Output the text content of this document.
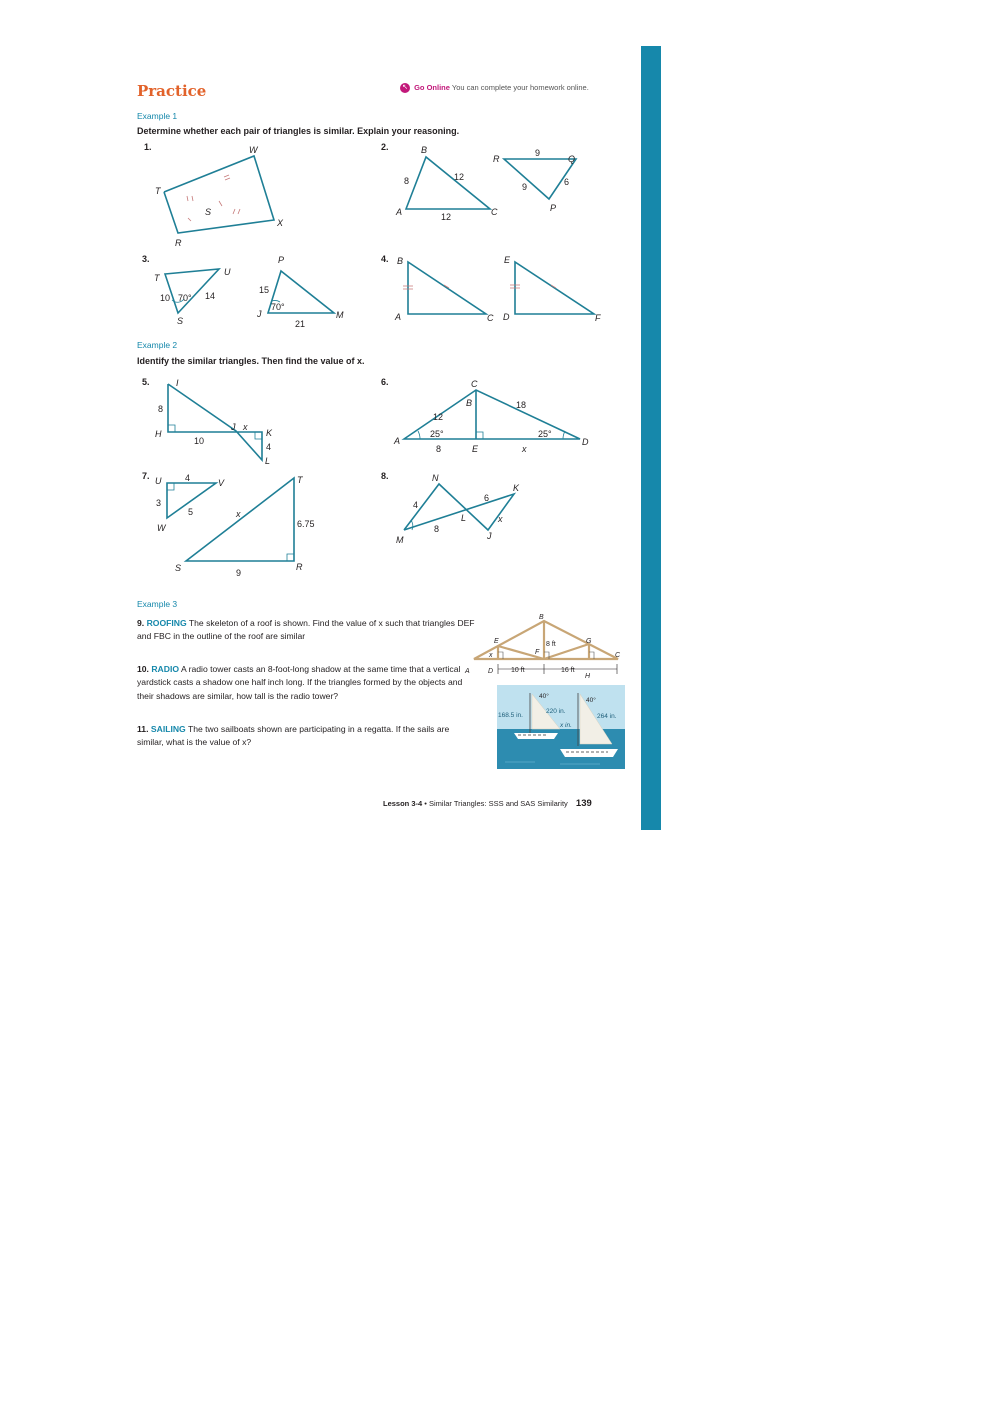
Practice	↖ Go Online You can complete your homework online.
Example 1
Determine whether each pair of triangles is similar. Explain your reasoning.
1.	2.
3.	4.
Example 2
Identify the similar triangles. Then find the value of x.
5.	6.
7.	8.
Example 3
9. ROOFING The skeleton of a roof is shown. Find the value of x such that triangles DEF and FBC in the outline of the roof are similar
10. RADIO A radio tower casts an 8-foot-long shadow at the same time that a vertical yardstick casts a shadow one half inch long. If the triangles formed by the objects and their shadows are similar, how tall is the radio tower?
11. SAILING The two sailboats shown are participating in a regatta. If the sails are similar, what is the value of x?
Lesson 3-4 • Similar Triangles: SSS and SAS Similarity 139
W
T
S
X
R
B
A	C
8	12
12
R	Q
P
9
9	6
T
U
S
10 70° 14
P
J	M
15
70°
21
B
A	C
E
D	F
I
H
J x
K
L
8
10
4
C
B
A
E
D
12
18
25°	25°
8	x
U	V
W
4
3
5
T
S	R
x
6.75
9
N
K
M
L
J
4
6
8
x
B
E	G
F	C
A	D
H
x
8 ft
10 ft	16 ft
40°
40°
168.5 in.
220 in.
264 in.
x in.
